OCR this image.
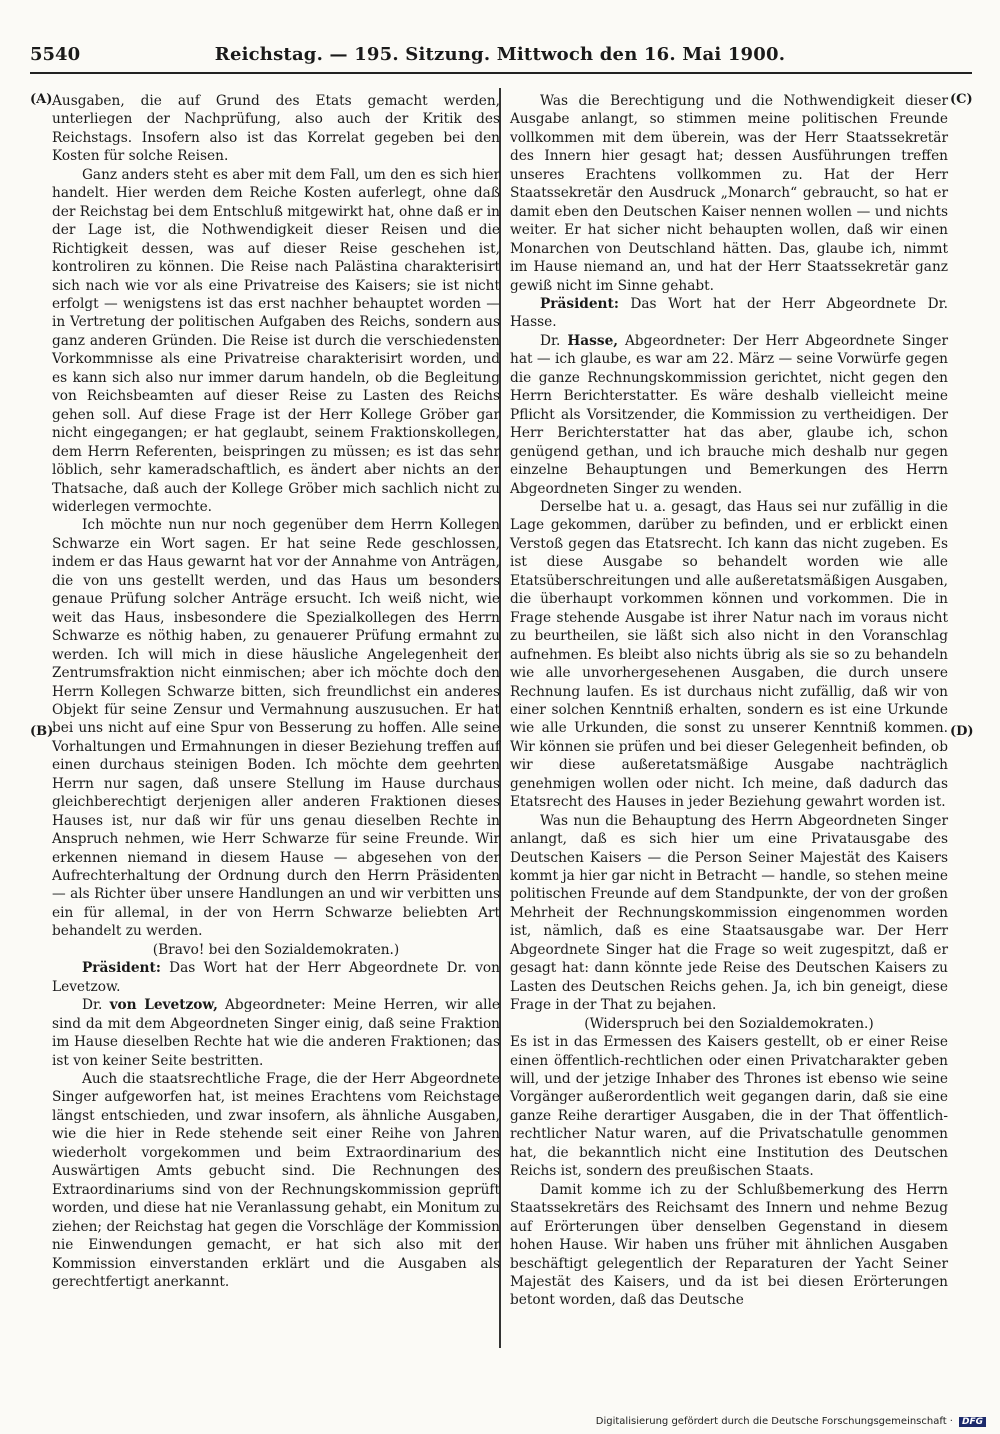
5540	Reichstag. — 195. Sitzung. Mittwoch den 16. Mai 1900.
(A)
(B)
(C)
(D)

Ausgaben, die auf Grund des Etats gemacht werden, unterliegen der Nachprüfung, also auch der Kritik des Reichstags. Insofern also ist das Korrelat gegeben bei den Kosten für solche Reisen.

Ganz anders steht es aber mit dem Fall, um den es sich hier handelt. Hier werden dem Reiche Kosten auferlegt, ohne daß der Reichstag bei dem Entschluß mitgewirkt hat, ohne daß er in der Lage ist, die Nothwendigkeit dieser Reisen und die Richtigkeit dessen, was auf dieser Reise geschehen ist, kontroliren zu können. Die Reise nach Palästina charakterisirt sich nach wie vor als eine Privatreise des Kaisers; sie ist nicht erfolgt — wenigstens ist das erst nachher behauptet worden — in Vertretung der politischen Aufgaben des Reichs, sondern aus ganz anderen Gründen. Die Reise ist durch die verschiedensten Vorkommnisse als eine Privatreise charakterisirt worden, und es kann sich also nur immer darum handeln, ob die Begleitung von Reichsbeamten auf dieser Reise zu Lasten des Reichs gehen soll. Auf diese Frage ist der Herr Kollege Gröber gar nicht eingegangen; er hat geglaubt, seinem Fraktionskollegen, dem Herrn Referenten, beispringen zu müssen; es ist das sehr löblich, sehr kameradschaftlich, es ändert aber nichts an der Thatsache, daß auch der Kollege Gröber mich sachlich nicht zu widerlegen vermochte.

Ich möchte nun nur noch gegenüber dem Herrn Kollegen Schwarze ein Wort sagen. Er hat seine Rede geschlossen, indem er das Haus gewarnt hat vor der Annahme von Anträgen, die von uns gestellt werden, und das Haus um besonders genaue Prüfung solcher Anträge ersucht. Ich weiß nicht, wie weit das Haus, insbesondere die Spezialkollegen des Herrn Schwarze es nöthig haben, zu genauerer Prüfung ermahnt zu werden. Ich will mich in diese häusliche Angelegenheit der Zentrumsfraktion nicht einmischen; aber ich möchte doch den Herrn Kollegen Schwarze bitten, sich freundlichst ein anderes Objekt für seine Zensur und Vermahnung auszusuchen. Er hat bei uns nicht auf eine Spur von Besserung zu hoffen. Alle seine Vorhaltungen und Ermahnungen in dieser Beziehung treffen auf einen durchaus steinigen Boden. Ich möchte dem geehrten Herrn nur sagen, daß unsere Stellung im Hause durchaus gleichberechtigt derjenigen aller anderen Fraktionen dieses Hauses ist, nur daß wir für uns genau dieselben Rechte in Anspruch nehmen, wie Herr Schwarze für seine Freunde. Wir erkennen niemand in diesem Hause — abgesehen von der Aufrechterhaltung der Ordnung durch den Herrn Präsidenten — als Richter über unsere Handlungen an und wir verbitten uns ein für allemal, in der von Herrn Schwarze beliebten Art behandelt zu werden.

(Bravo! bei den Sozialdemokraten.)

Präsident: Das Wort hat der Herr Abgeordnete Dr. von Levetzow.

Dr. von Levetzow, Abgeordneter: Meine Herren, wir alle sind da mit dem Abgeordneten Singer einig, daß seine Fraktion im Hause dieselben Rechte hat wie die anderen Fraktionen; das ist von keiner Seite bestritten.

Auch die staatsrechtliche Frage, die der Herr Abgeordnete Singer aufgeworfen hat, ist meines Erachtens vom Reichstage längst entschieden, und zwar insofern, als ähnliche Ausgaben, wie die hier in Rede stehende seit einer Reihe von Jahren wiederholt vorgekommen und beim Extraordinarium des Auswärtigen Amts gebucht sind. Die Rechnungen des Extraordinariums sind von der Rechnungskommission geprüft worden, und diese hat nie Veranlassung gehabt, ein Monitum zu ziehen; der Reichstag hat gegen die Vorschläge der Kommission nie Einwendungen gemacht, er hat sich also mit der Kommission einverstanden erklärt und die Ausgaben als gerechtfertigt anerkannt.

Was die Berechtigung und die Nothwendigkeit dieser Ausgabe anlangt, so stimmen meine politischen Freunde vollkommen mit dem überein, was der Herr Staatssekretär des Innern hier gesagt hat; dessen Ausführungen treffen unseres Erachtens vollkommen zu. Hat der Herr Staatssekretär den Ausdruck „Monarch“ gebraucht, so hat er damit eben den Deutschen Kaiser nennen wollen — und nichts weiter. Er hat sicher nicht behaupten wollen, daß wir einen Monarchen von Deutschland hätten. Das, glaube ich, nimmt im Hause niemand an, und hat der Herr Staatssekretär ganz gewiß nicht im Sinne gehabt.

Präsident: Das Wort hat der Herr Abgeordnete Dr. Hasse.

Dr. Hasse, Abgeordneter: Der Herr Abgeordnete Singer hat — ich glaube, es war am 22. März — seine Vorwürfe gegen die ganze Rechnungskommission gerichtet, nicht gegen den Herrn Berichterstatter. Es wäre deshalb vielleicht meine Pflicht als Vorsitzender, die Kommission zu vertheidigen. Der Herr Berichterstatter hat das aber, glaube ich, schon genügend gethan, und ich brauche mich deshalb nur gegen einzelne Behauptungen und Bemerkungen des Herrn Abgeordneten Singer zu wenden.

Derselbe hat u. a. gesagt, das Haus sei nur zufällig in die Lage gekommen, darüber zu befinden, und er erblickt einen Verstoß gegen das Etatsrecht. Ich kann das nicht zugeben. Es ist diese Ausgabe so behandelt worden wie alle Etatsüberschreitungen und alle außeretatsmäßigen Ausgaben, die überhaupt vorkommen können und vorkommen. Die in Frage stehende Ausgabe ist ihrer Natur nach im voraus nicht zu beurtheilen, sie läßt sich also nicht in den Voranschlag aufnehmen. Es bleibt also nichts übrig als sie so zu behandeln wie alle unvorhergesehenen Ausgaben, die durch unsere Rechnung laufen. Es ist durchaus nicht zufällig, daß wir von einer solchen Kenntniß erhalten, sondern es ist eine Urkunde wie alle Urkunden, die sonst zu unserer Kenntniß kommen. Wir können sie prüfen und bei dieser Gelegenheit befinden, ob wir diese außeretatsmäßige Ausgabe nachträglich genehmigen wollen oder nicht. Ich meine, daß dadurch das Etatsrecht des Hauses in jeder Beziehung gewahrt worden ist.

Was nun die Behauptung des Herrn Abgeordneten Singer anlangt, daß es sich hier um eine Privatausgabe des Deutschen Kaisers — die Person Seiner Majestät des Kaisers kommt ja hier gar nicht in Betracht — handle, so stehen meine politischen Freunde auf dem Standpunkte, der von der großen Mehrheit der Rechnungskommission eingenommen worden ist, nämlich, daß es eine Staatsausgabe war. Der Herr Abgeordnete Singer hat die Frage so weit zugespitzt, daß er gesagt hat: dann könnte jede Reise des Deutschen Kaisers zu Lasten des Deutschen Reichs gehen. Ja, ich bin geneigt, diese Frage in der That zu bejahen.

(Widerspruch bei den Sozialdemokraten.)

Es ist in das Ermessen des Kaisers gestellt, ob er einer Reise einen öffentlich-rechtlichen oder einen Privatcharakter geben will, und der jetzige Inhaber des Thrones ist ebenso wie seine Vorgänger außerordentlich weit gegangen darin, daß sie eine ganze Reihe derartiger Ausgaben, die in der That öffentlich-rechtlicher Natur waren, auf die Privatschatulle genommen hat, die bekanntlich nicht eine Institution des Deutschen Reichs ist, sondern des preußischen Staats.

Damit komme ich zu der Schlußbemerkung des Herrn Staatssekretärs des Reichsamt des Innern und nehme Bezug auf Erörterungen über denselben Gegenstand in diesem hohen Hause. Wir haben uns früher mit ähnlichen Ausgaben beschäftigt gelegentlich der Reparaturen der Yacht Seiner Majestät des Kaisers, und da ist bei diesen Erörterungen betont worden, daß das Deutsche

Digitalisierung gefördert durch die Deutsche Forschungsgemeinschaft · DFG
